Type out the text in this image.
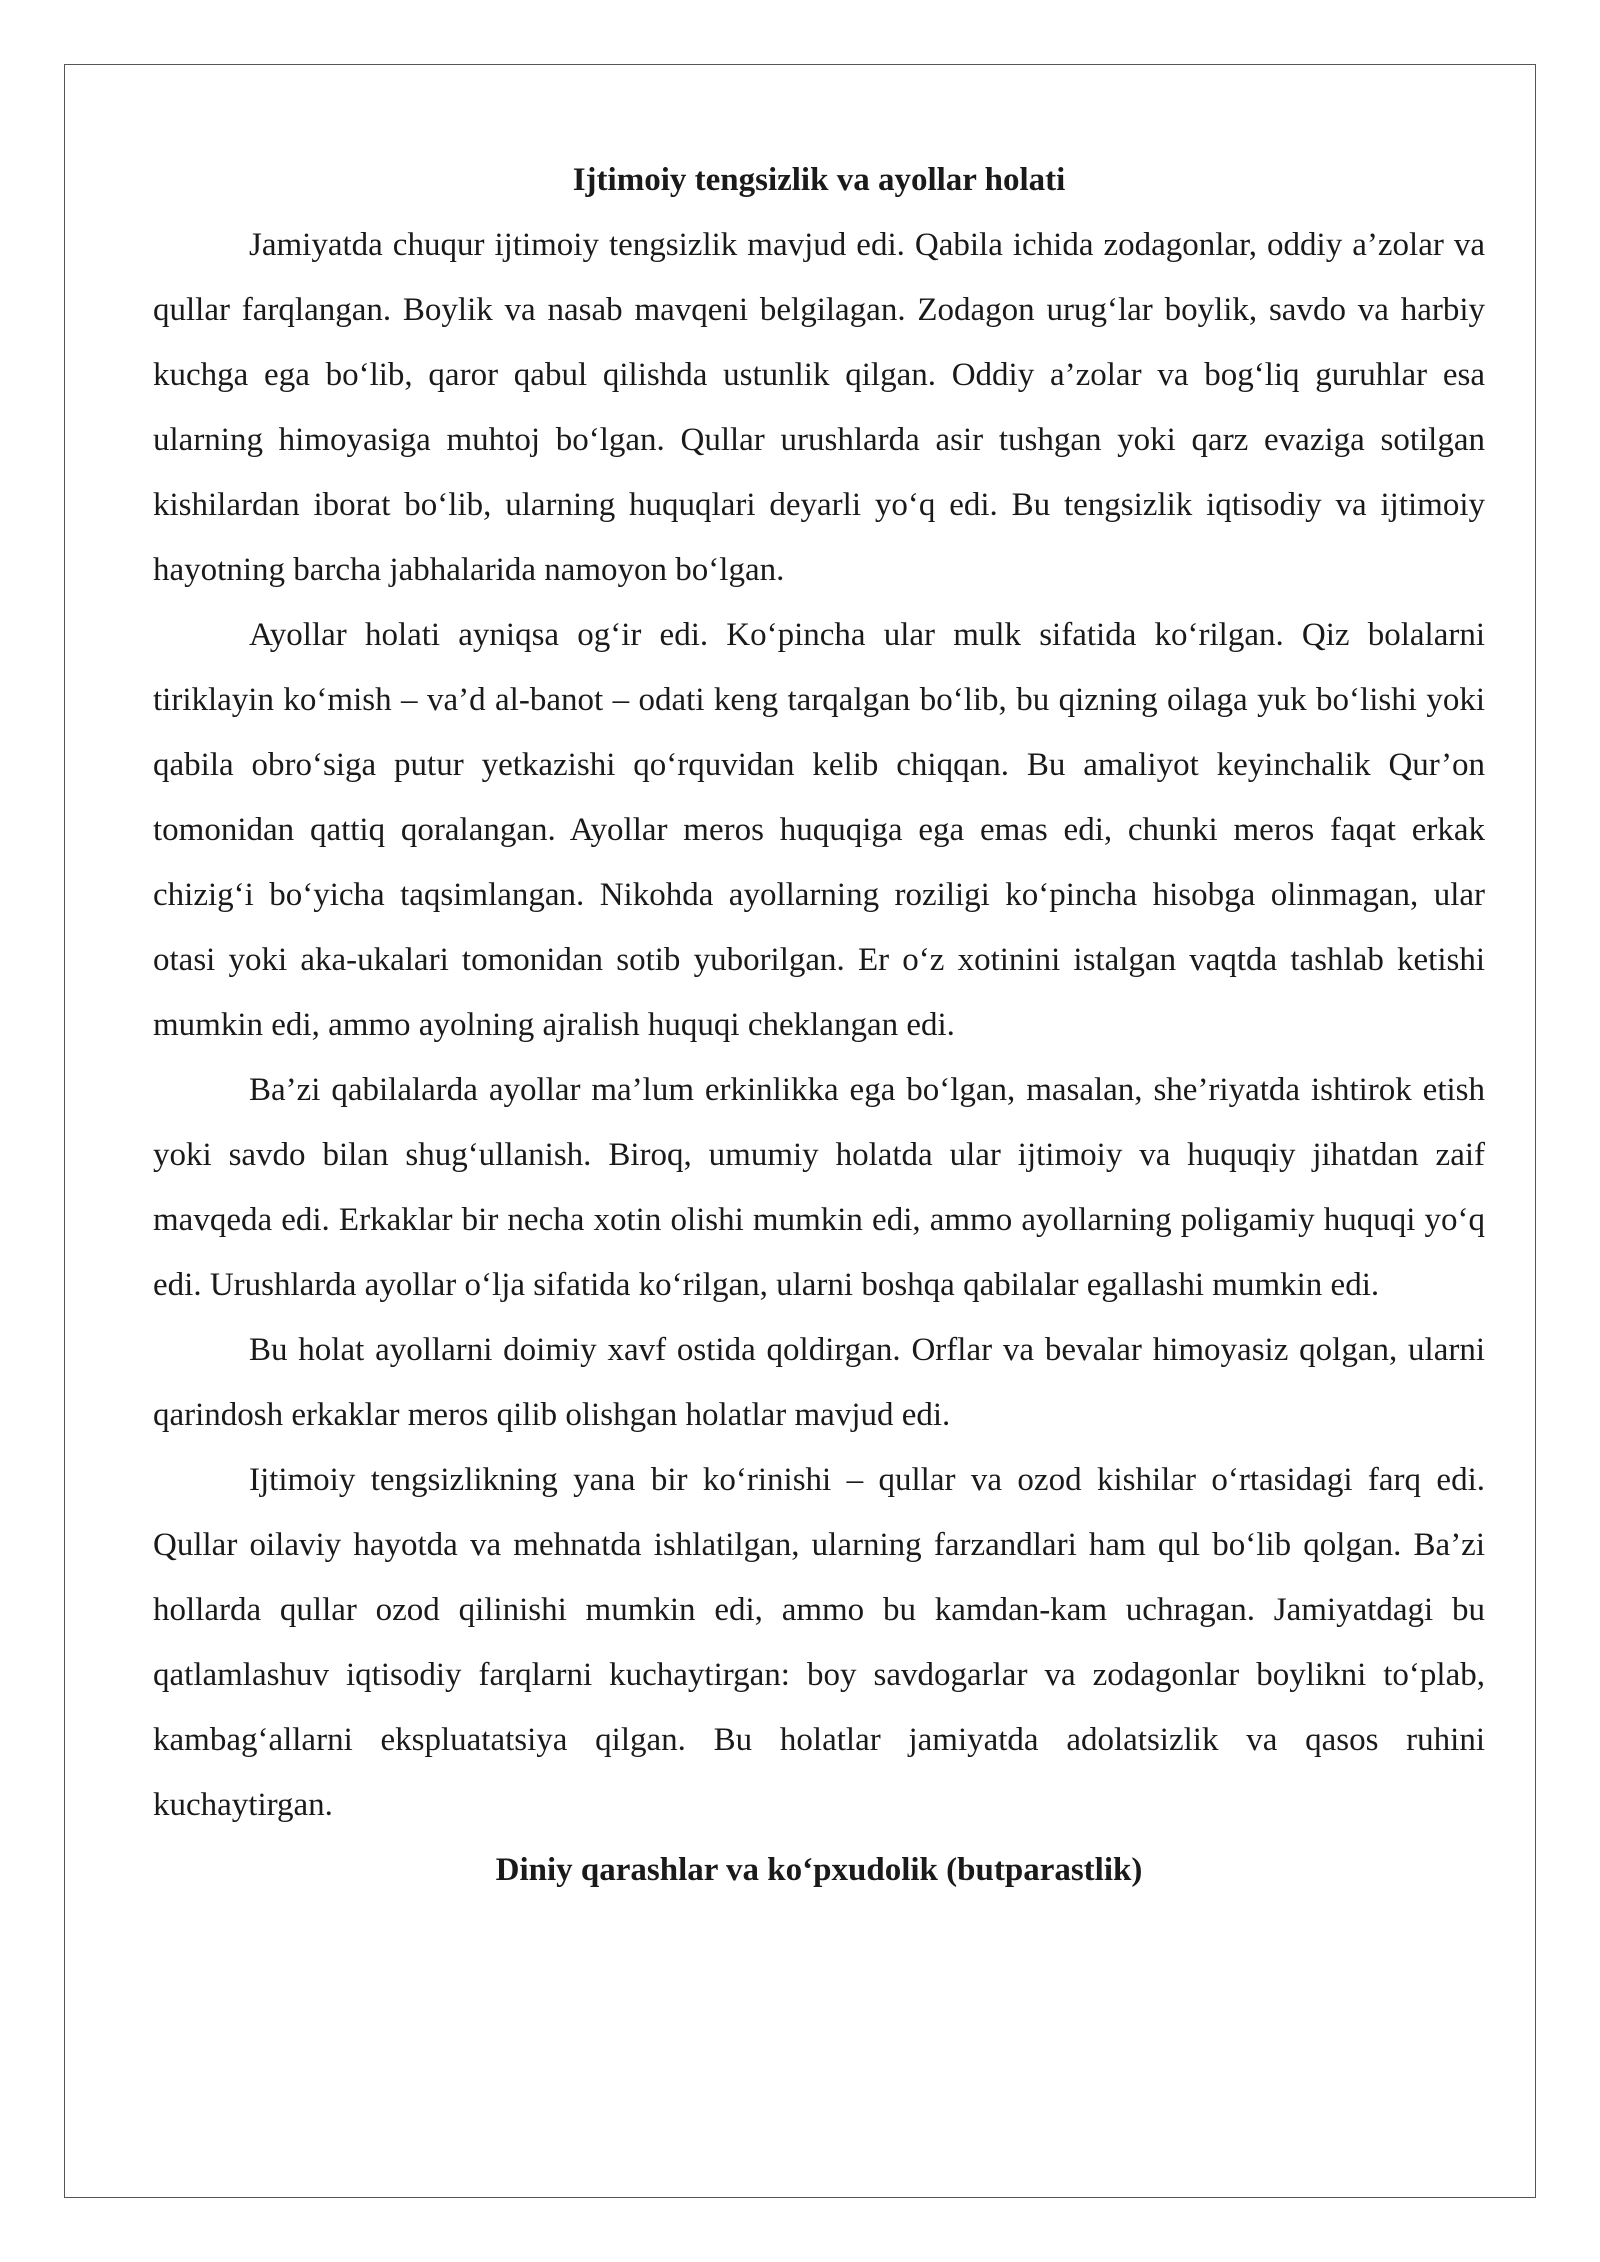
Ijtimoiy tengsizlik va ayollar holati

Jamiyatda chuqur ijtimoiy tengsizlik mavjud edi. Qabila ichida zodagonlar, oddiy a’zolar va qullar farqlangan. Boylik va nasab mavqeni belgilagan. Zodagon urug‘lar boylik, savdo va harbiy kuchga ega bo‘lib, qaror qabul qilishda ustunlik qilgan. Oddiy a’zolar va bog‘liq guruhlar esa ularning himoyasiga muhtoj bo‘lgan. Qullar urushlarda asir tushgan yoki qarz evaziga sotilgan kishilardan iborat bo‘lib, ularning huquqlari deyarli yo‘q edi. Bu tengsizlik iqtisodiy va ijtimoiy hayotning barcha jabhalarida namoyon bo‘lgan.

Ayollar holati ayniqsa og‘ir edi. Ko‘pincha ular mulk sifatida ko‘rilgan. Qiz bolalarni tiriklayin ko‘mish – va’d al-banot – odati keng tarqalgan bo‘lib, bu qizning oilaga yuk bo‘lishi yoki qabila obro‘siga putur yetkazishi qo‘rquvidan kelib chiqqan. Bu amaliyot keyinchalik Qur’on tomonidan qattiq qoralangan. Ayollar meros huquqiga ega emas edi, chunki meros faqat erkak chizig‘i bo‘yicha taqsimlangan. Nikohda ayollarning roziligi ko‘pincha hisobga olinmagan, ular otasi yoki aka-ukalari tomonidan sotib yuborilgan. Er o‘z xotinini istalgan vaqtda tashlab ketishi mumkin edi, ammo ayolning ajralish huquqi cheklangan edi.

Ba’zi qabilalarda ayollar ma’lum erkinlikka ega bo‘lgan, masalan, she’riyatda ishtirok etish yoki savdo bilan shug‘ullanish. Biroq, umumiy holatda ular ijtimoiy va huquqiy jihatdan zaif mavqeda edi. Erkaklar bir necha xotin olishi mumkin edi, ammo ayollarning poligamiy huquqi yo‘q edi. Urushlarda ayollar o‘lja sifatida ko‘rilgan, ularni boshqa qabilalar egallashi mumkin edi.

Bu holat ayollarni doimiy xavf ostida qoldirgan. Orflar va bevalar himoyasiz qolgan, ularni qarindosh erkaklar meros qilib olishgan holatlar mavjud edi.

Ijtimoiy tengsizlikning yana bir ko‘rinishi – qullar va ozod kishilar o‘rtasidagi farq edi. Qullar oilaviy hayotda va mehnatda ishlatilgan, ularning farzandlari ham qul bo‘lib qolgan. Ba’zi hollarda qullar ozod qilinishi mumkin edi, ammo bu kamdan-kam uchragan. Jamiyatdagi bu qatlamlashuv iqtisodiy farqlarni kuchaytirgan: boy savdogarlar va zodagonlar boylikni to‘plab, kambag‘allarni ekspluatatsiya qilgan. Bu holatlar jamiyatda adolatsizlik va qasos ruhini kuchaytirgan.

Diniy qarashlar va ko‘pxudolik (butparastlik)
